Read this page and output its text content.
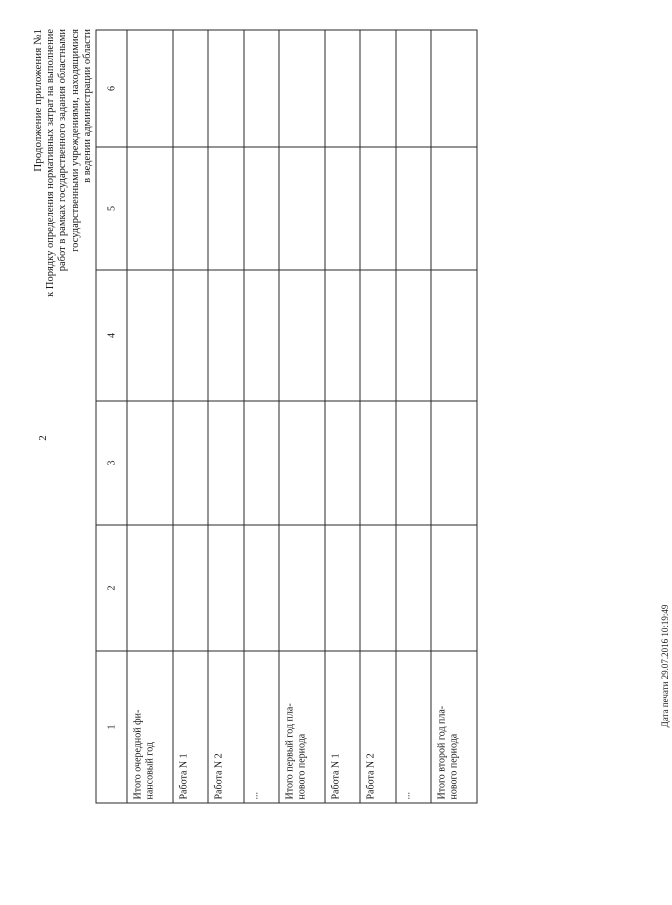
2
Продолжение приложения №1 к Порядку определения нормативных затрат на выполнение работ в рамках государственного задания областными государственными учреждениями, находящимися в ведении администрации области
1	2	3	4	5	6
Итого очередной фи-
нансовый год					
Работа N 1					
Работа N 2					
...					
Итого первый год пла-
нового периода					
Работа N 1					
Работа N 2					
...					
Итого второй год пла-
нового периода					
Дата печати 29.07.2016 10:19:49
